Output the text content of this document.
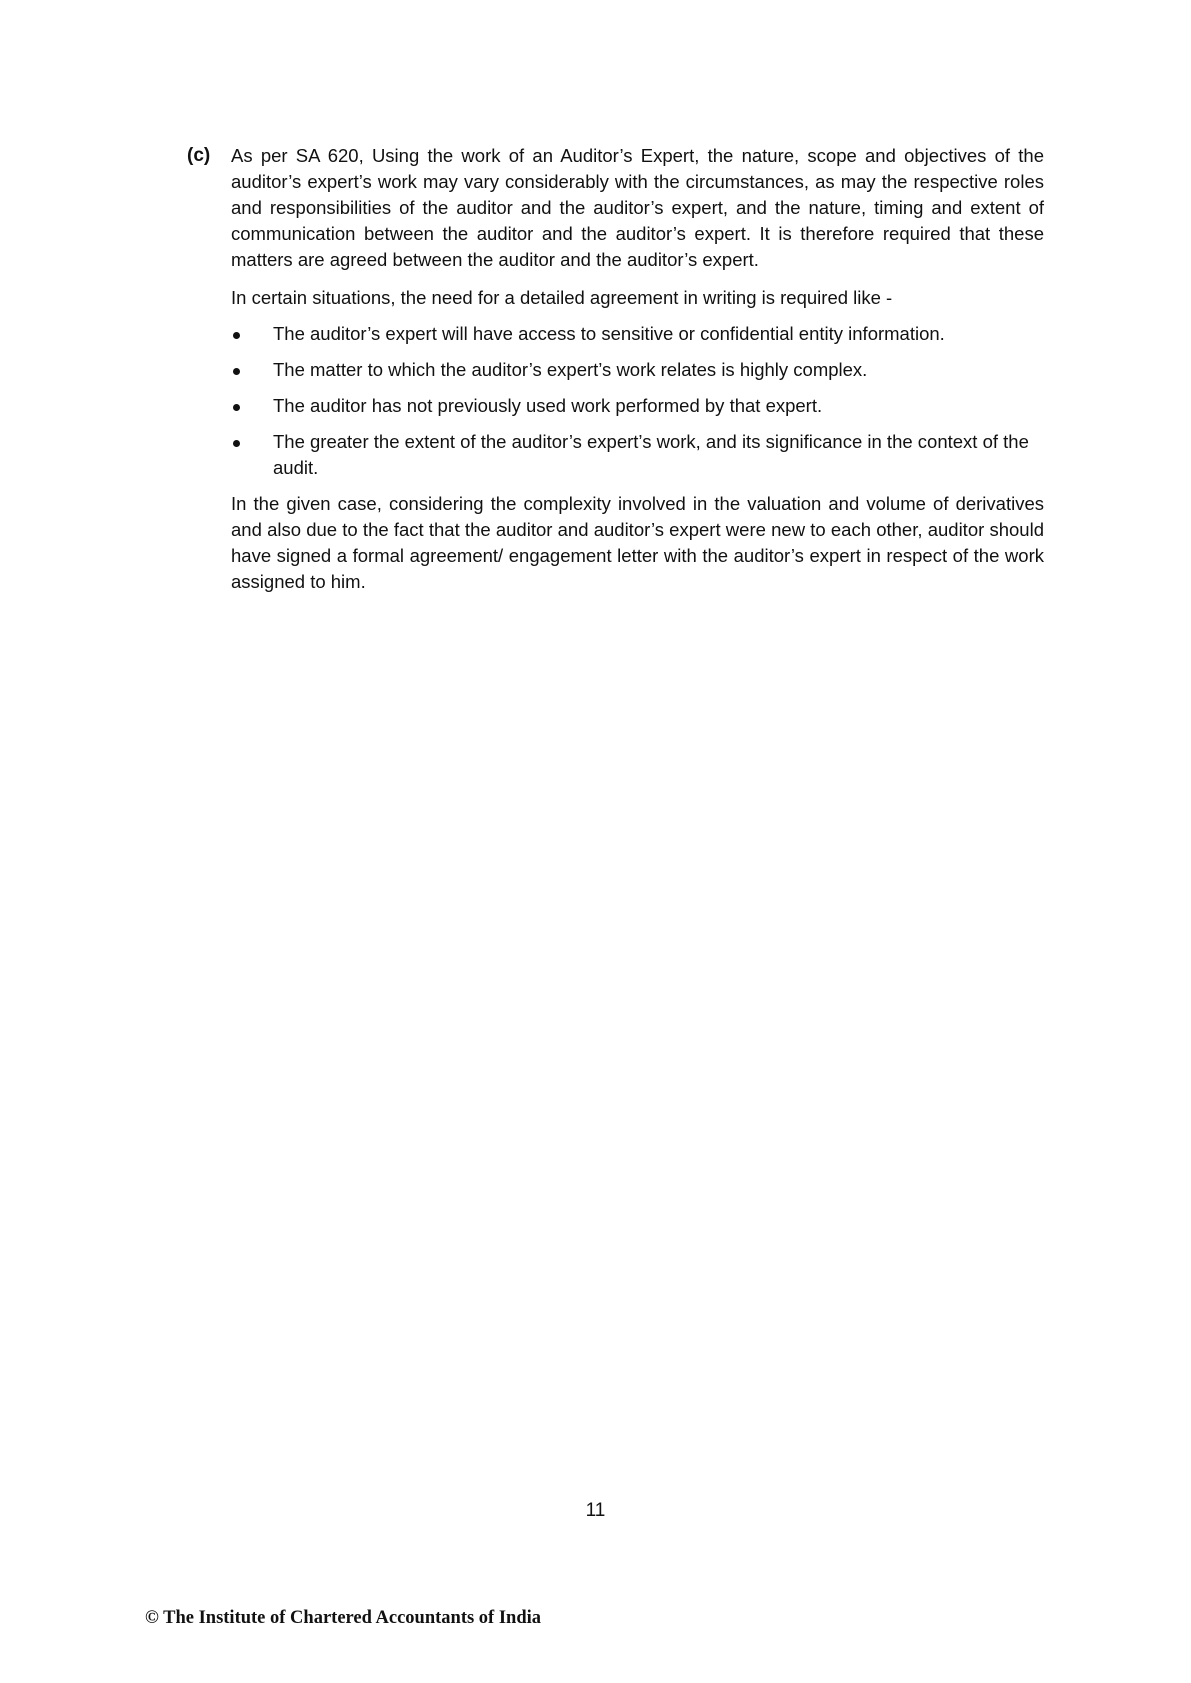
(c) As per SA 620, Using the work of an Auditor’s Expert, the nature, scope and objectives of the auditor’s expert’s work may vary considerably with the circumstances, as may the respective roles and responsibilities of the auditor and the auditor’s expert, and the nature, timing and extent of communication between the auditor and the auditor’s expert. It is therefore required that these matters are agreed between the auditor and the auditor’s expert.

In certain situations, the need for a detailed agreement in writing is required like -

The auditor’s expert will have access to sensitive or confidential entity information.
The matter to which the auditor’s expert’s work relates is highly complex.
The auditor has not previously used work performed by that expert.
The greater the extent of the auditor’s expert’s work, and its significance in the context of the audit.

In the given case, considering the complexity involved in the valuation and volume of derivatives and also due to the fact that the auditor and auditor’s expert were new to each other, auditor should have signed a formal agreement/ engagement letter with the auditor’s expert in respect of the work assigned to him.

11
© The Institute of Chartered Accountants of India
